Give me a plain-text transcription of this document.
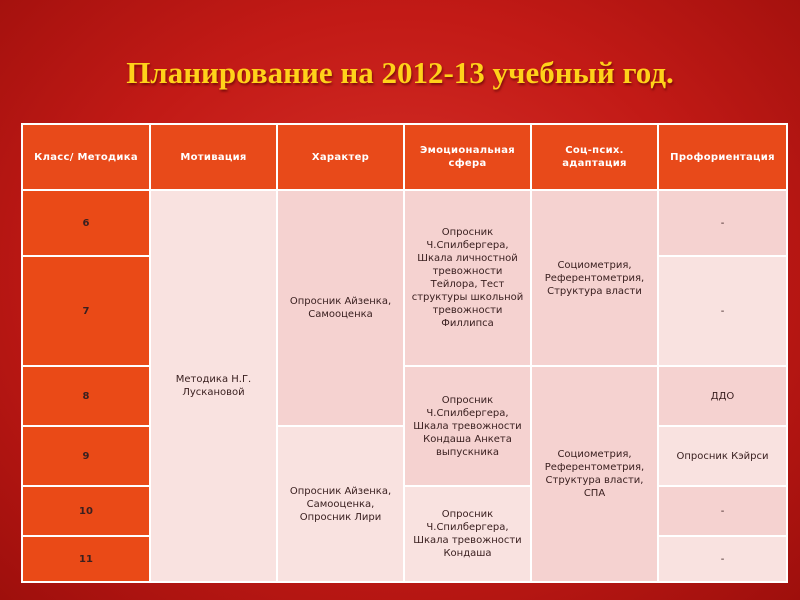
Планирование на 2012-13 учебный год.
Класс/ Методика	Мотивация	Характер	Эмоциональная сфера	Соц-псих. адаптация	Профориентация
6	Методика Н.Г. Лускановой	Опросник Айзенка, Самооценка	Опросник Ч.Спилбергера, Шкала личностной тревожности Тейлора, Тест структуры школьной тревожности Филлипса	Социометрия, Референтометрия, Структура власти	-
7					-
8			Опросник Ч.Спилбергера, Шкала тревожности Кондаша Анкета выпускника	Социометрия, Референтометрия, Структура власти, СПА	ДДО
9		Опросник Айзенка, Самооценка, Опросник Лири			Опросник Кэйрси
10			Опросник Ч.Спилбергера, Шкала тревожности Кондаша		-
11					-
